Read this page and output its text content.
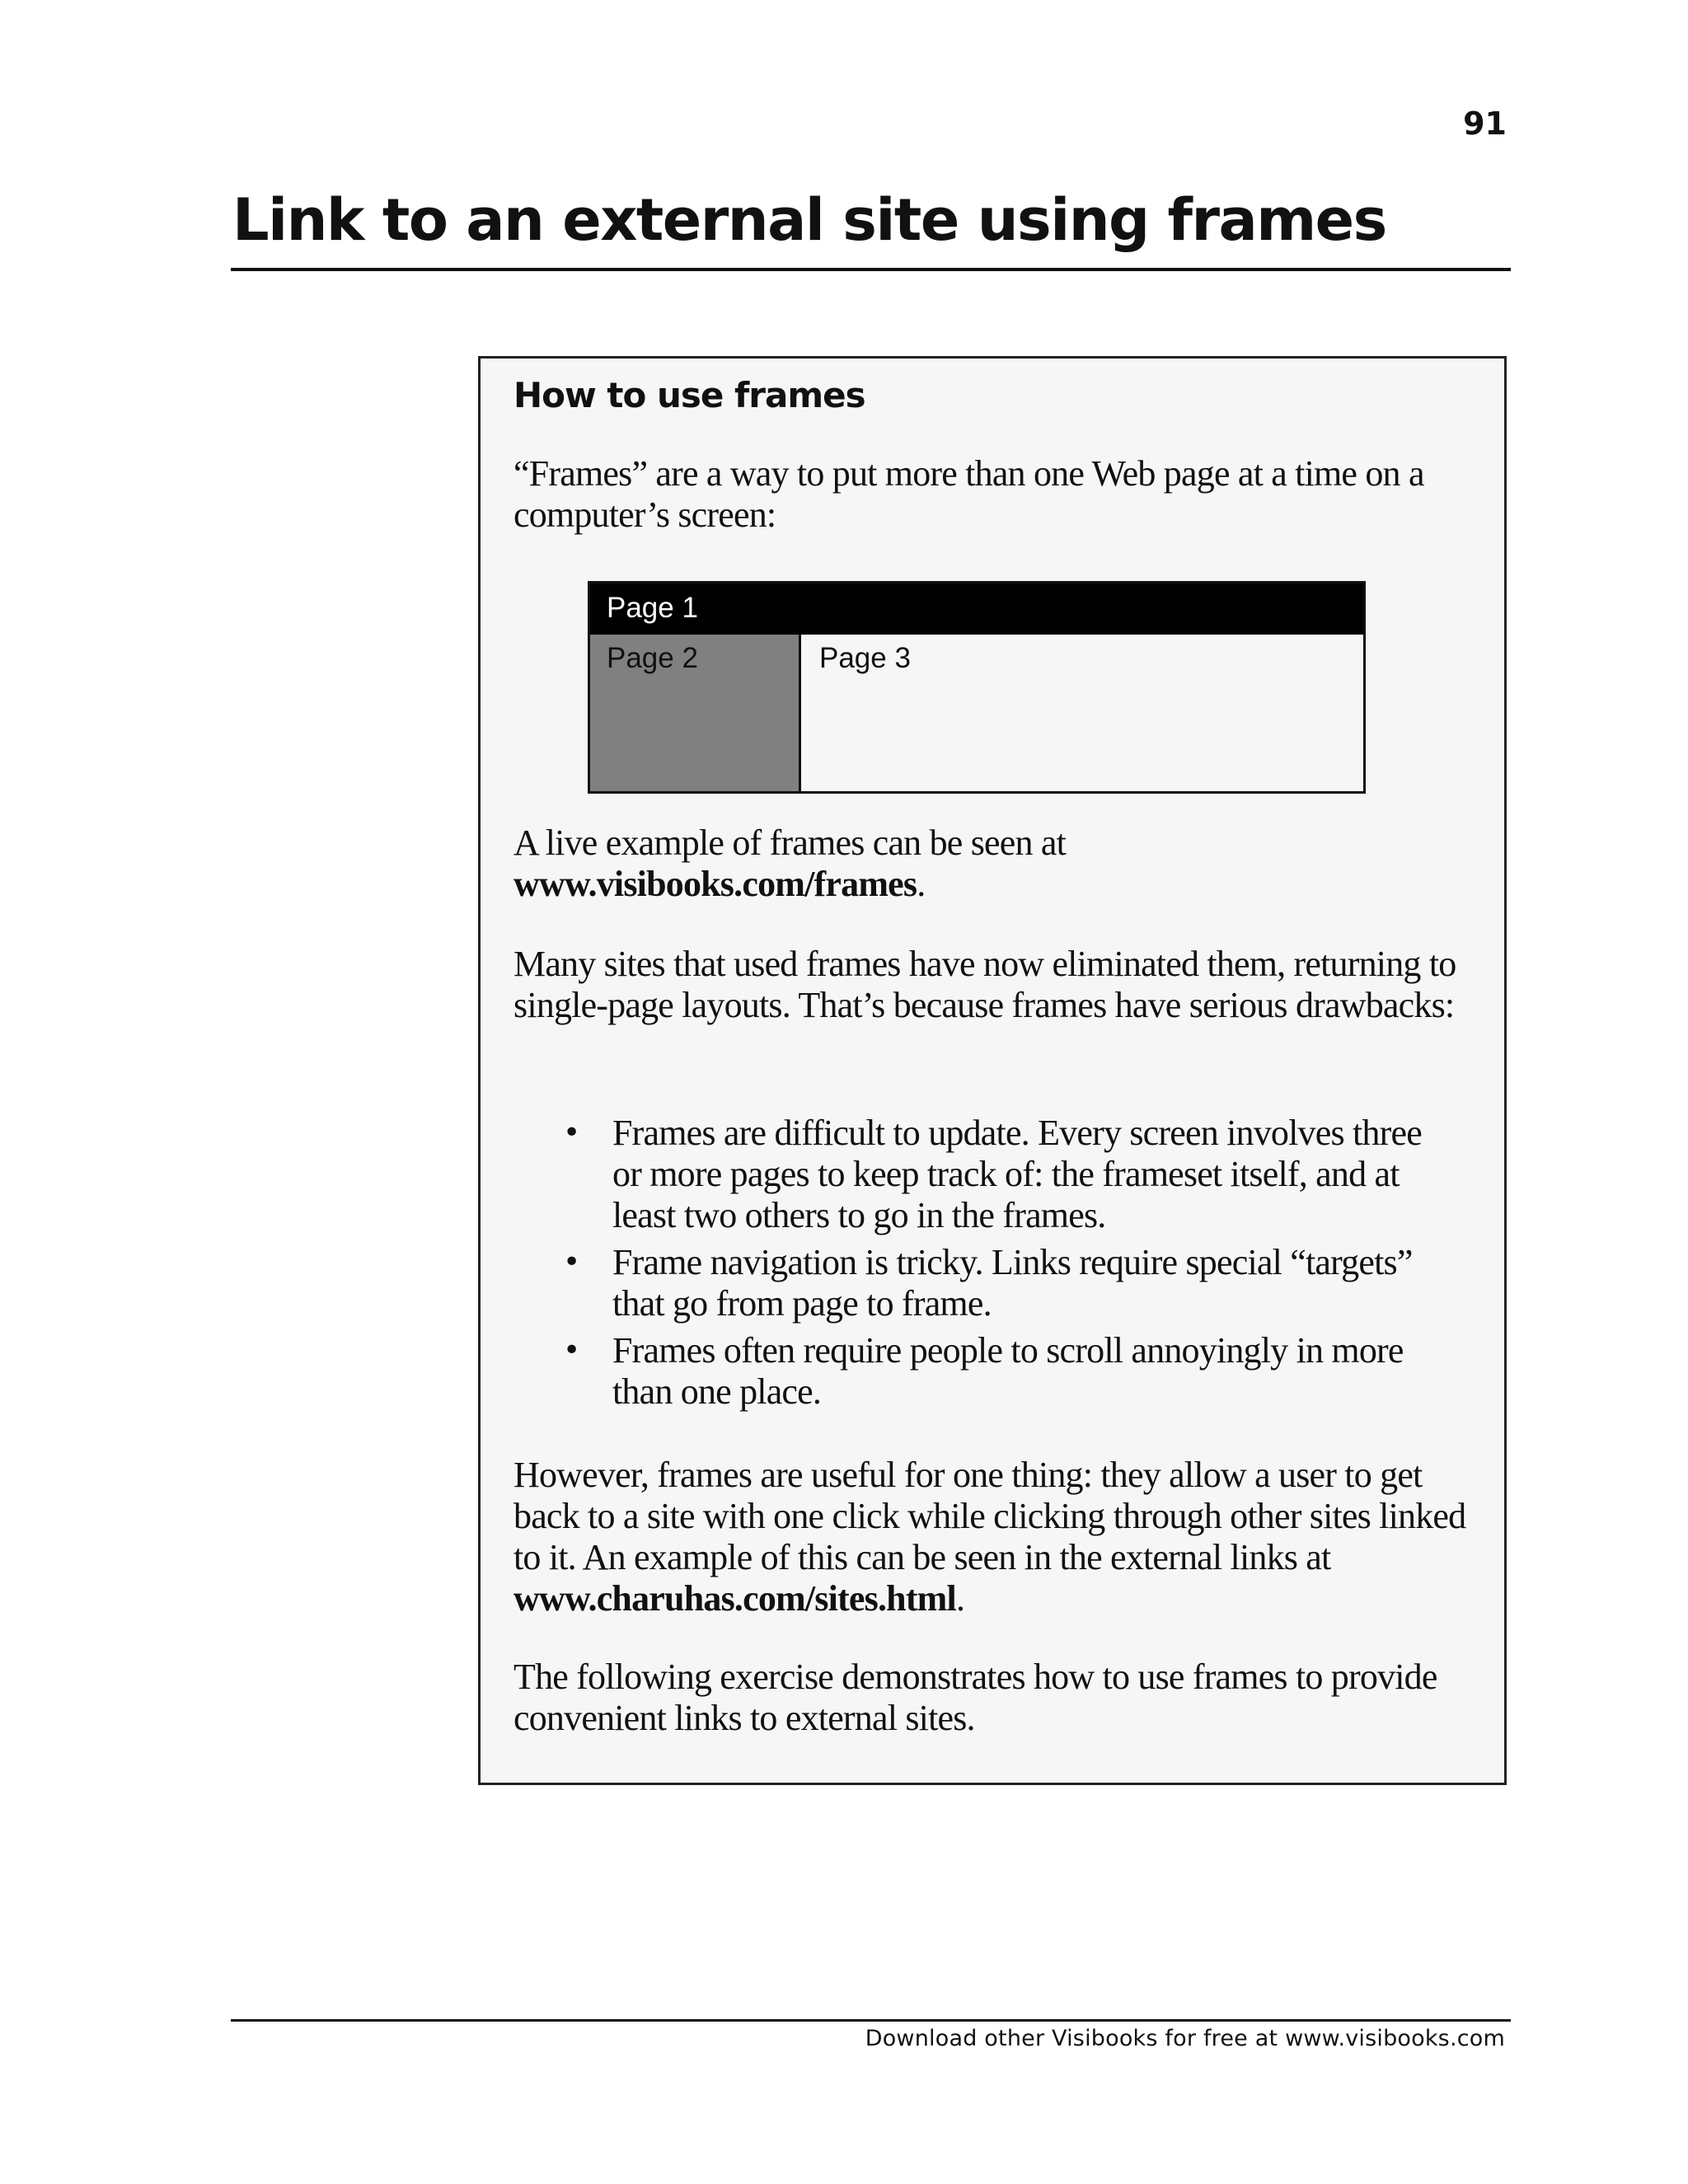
91
Link to an external site using frames
How to use frames

“Frames” are a way to put more than one Web page at a time on a computer’s screen:

Page 1
Page 2	Page 3

A live example of frames can be seen at
www.visibooks.com/frames.

Many sites that used frames have now eliminated them, returning to single-page layouts. That’s because frames have serious drawbacks:

• Frames are difficult to update. Every screen involves three or more pages to keep track of: the frameset itself, and at least two others to go in the frames.
• Frame navigation is tricky. Links require special “targets” that go from page to frame.
• Frames often require people to scroll annoyingly in more than one place.

However, frames are useful for one thing: they allow a user to get back to a site with one click while clicking through other sites linked to it. An example of this can be seen in the external links at www.charuhas.com/sites.html.

The following exercise demonstrates how to use frames to provide convenient links to external sites.

Download other Visibooks for free at www.visibooks.com
